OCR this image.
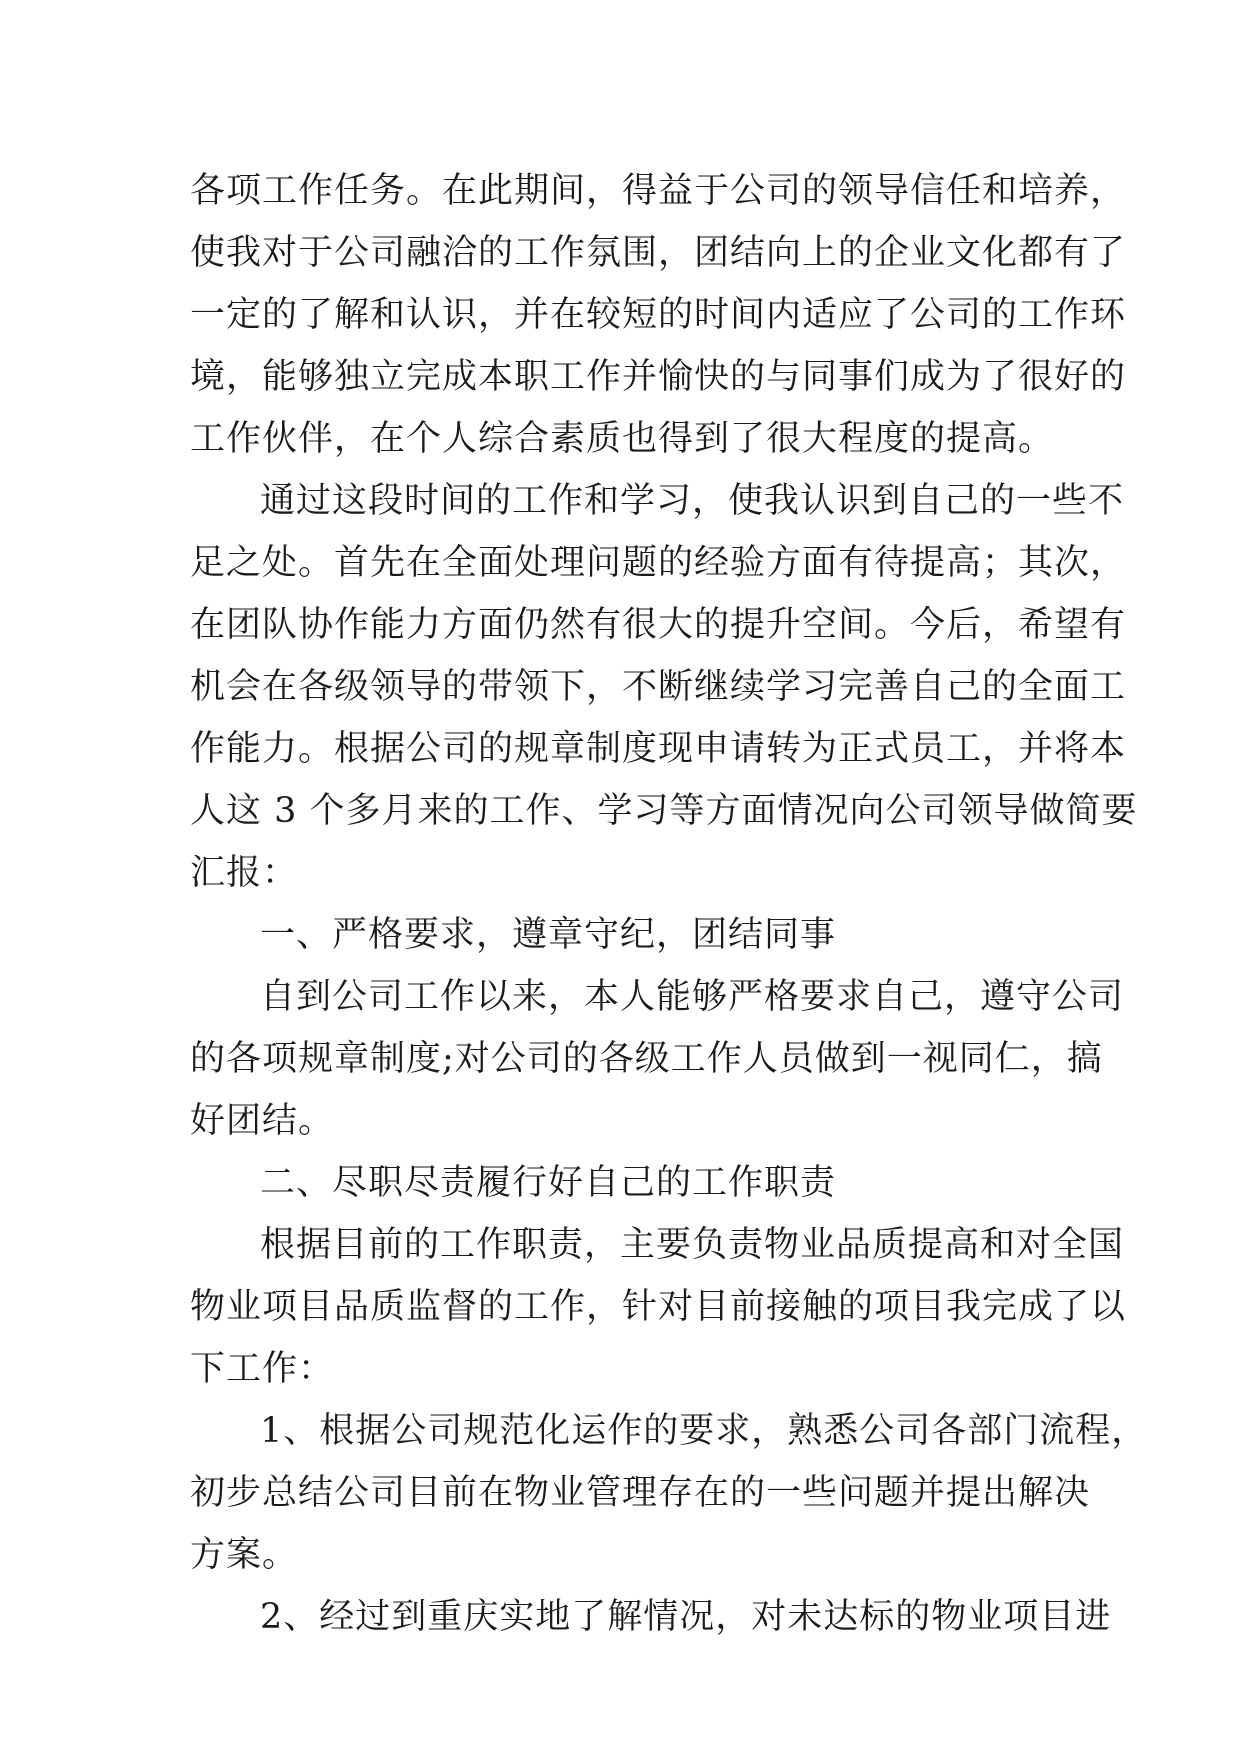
各项工作任务。在此期间，得益于公司的领导信任和培养，
使我对于公司融洽的工作氛围，团结向上的企业文化都有了
一定的了解和认识，并在较短的时间内适应了公司的工作环
境，能够独立完成本职工作并愉快的与同事们成为了很好的
工作伙伴，在个人综合素质也得到了很大程度的提高。
通过这段时间的工作和学习，使我认识到自己的一些不
足之处。首先在全面处理问题的经验方面有待提高；其次，
在团队协作能力方面仍然有很大的提升空间。今后，希望有
机会在各级领导的带领下，不断继续学习完善自己的全面工
作能力。根据公司的规章制度现申请转为正式员工，并将本
人这 3 个多月来的工作、学习等方面情况向公司领导做简要
汇报：
一、严格要求，遵章守纪，团结同事
自到公司工作以来，本人能够严格要求自己，遵守公司
的各项规章制度;对公司的各级工作人员做到一视同仁，搞
好团结。
二、尽职尽责履行好自己的工作职责
根据目前的工作职责，主要负责物业品质提高和对全国
物业项目品质监督的工作，针对目前接触的项目我完成了以
下工作：
1、根据公司规范化运作的要求，熟悉公司各部门流程，
初步总结公司目前在物业管理存在的一些问题并提出解决
方案。
2、经过到重庆实地了解情况，对未达标的物业项目进
